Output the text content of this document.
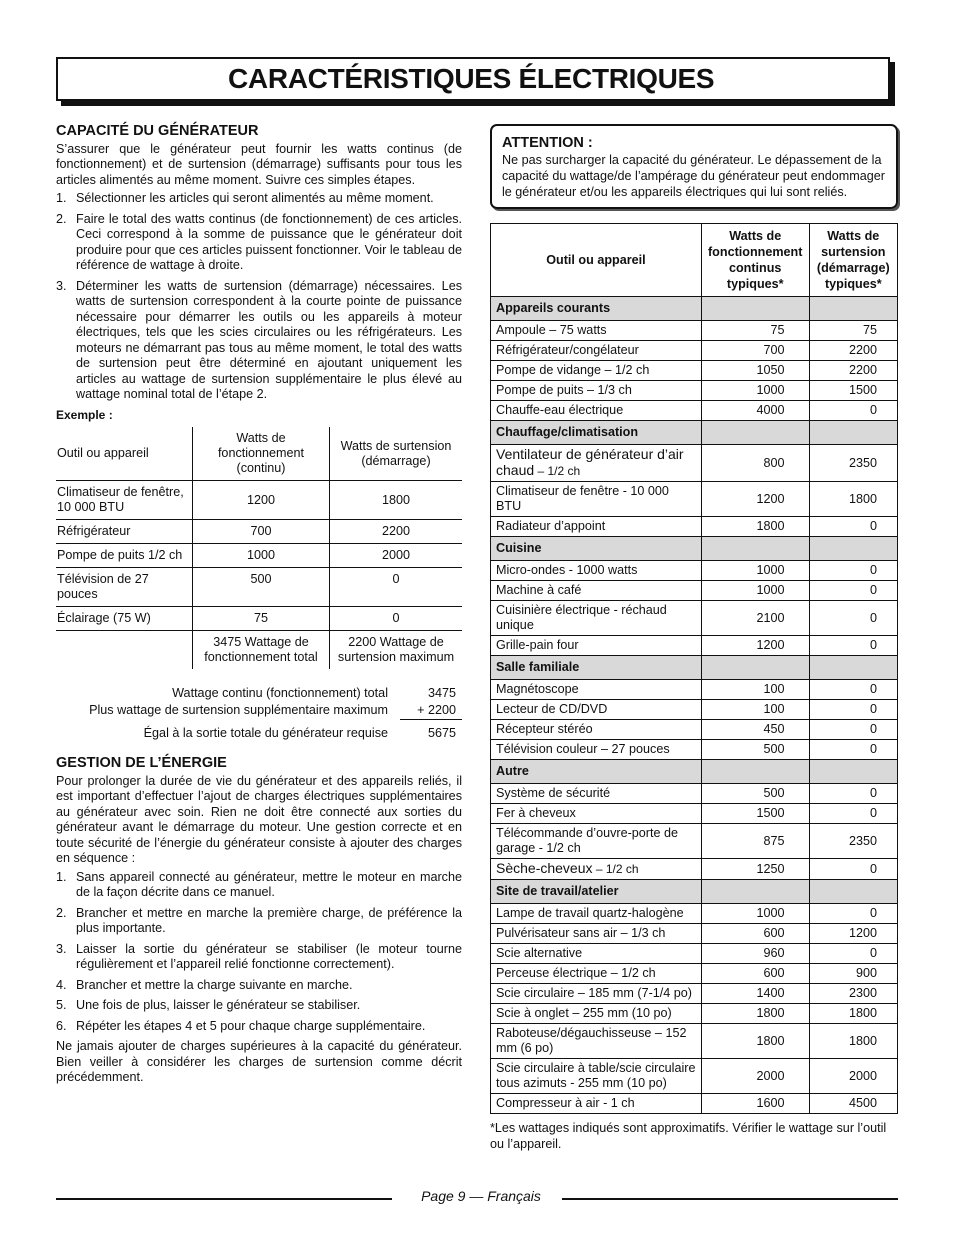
CARACTÉRISTIQUES ÉLECTRIQUES
CAPACITÉ DU GÉNÉRATEUR

S’assurer que le générateur peut fournir les watts continus (de fonctionnement) et de surtension (démarrage) suffisants pour tous les articles alimentés au même moment. Suivre ces simples étapes.

1. Sélectionner les articles qui seront alimentés au même moment.
2. Faire le total des watts continus (de fonctionnement) de ces articles. Ceci correspond à la somme de puissance que le générateur doit produire pour que ces articles puissent fonctionner. Voir le tableau de référence de wattage à droite.
3. Déterminer les watts de surtension (démarrage) nécessaires. Les watts de surtension correspondent à la courte pointe de puissance nécessaire pour démarrer les outils ou les appareils à moteur électriques, tels que les scies circulaires ou les réfrigérateurs. Les moteurs ne démarrant pas tous au même moment, le total des watts de surtension peut être déterminé en ajoutant uniquement les articles au wattage de surtension supplémentaire le plus élevé au wattage nominal total de l’étape 2.
Exemple :
Outil ou appareil	Watts de fonctionnement (continu)	Watts de surtension (démarrage)
Climatiseur de fenêtre, 10 000 BTU	1200	1800
Réfrigérateur	700	2200
Pompe de puits 1/2 ch	1000	2000
Télévision de 27 pouces	500	0
Éclairage (75 W)	75	0
	3475 Wattage de fonctionnement total	2200 Wattage de surtension maximum
Wattage continu (fonctionnement) total	3475
Plus wattage de surtension supplémentaire maximum	+ 2200
Égal à la sortie totale du générateur requise	5675
GESTION DE L’ÉNERGIE

Pour prolonger la durée de vie du générateur et des appareils reliés, il est important d’effectuer l’ajout de charges électriques supplémentaires au générateur avec soin. Rien ne doit être connecté aux sorties du générateur avant le démarrage du moteur. Une gestion correcte et en toute sécurité de l’énergie du générateur consiste à ajouter des charges en séquence :

1. Sans appareil connecté au générateur, mettre le moteur en marche de la façon décrite dans ce manuel.
2. Brancher et mettre en marche la première charge, de préférence la plus importante.
3. Laisser la sortie du générateur se stabiliser (le moteur tourne régulièrement et l’appareil relié fonctionne correctement).
4. Brancher et mettre la charge suivante en marche.
5. Une fois de plus, laisser le générateur se stabiliser.
6. Répéter les étapes 4 et 5 pour chaque charge supplémentaire.

Ne jamais ajouter de charges supérieures à la capacité du générateur. Bien veiller à considérer les charges de surtension comme décrit précédemment.

ATTENTION :

Ne pas surcharger la capacité du générateur. Le dépassement de la capacité du wattage/de l’ampérage du générateur peut endommager le générateur et/ou les appareils électriques qui lui sont reliés.

Outil ou appareil	Watts de fonctionnement continus typiques*	Watts de surtension (démarrage) typiques*
Appareils courants		
Ampoule – 75 watts	75	75
Réfrigérateur/congélateur	700	2200
Pompe de vidange – 1/2 ch	1050	2200
Pompe de puits – 1/3 ch	1000	1500
Chauffe-eau électrique	4000	0
Chauffage/climatisation		
Ventilateur de générateur d’air chaud – 1/2 ch	800	2350
Climatiseur de fenêtre - 10 000 BTU	1200	1800
Radiateur d’appoint	1800	0
Cuisine		
Micro-ondes - 1000 watts	1000	0
Machine à café	1000	0
Cuisinière électrique - réchaud unique	2100	0
Grille-pain four	1200	0
Salle familiale		
Magnétoscope	100	0
Lecteur de CD/DVD	100	0
Récepteur stéréo	450	0
Télévision couleur – 27 pouces	500	0
Autre		
Système de sécurité	500	0
Fer à cheveux	1500	0
Télécommande d’ouvre-porte de garage - 1/2 ch	875	2350
Sèche-cheveux – 1/2 ch	1250	0
Site de travail/atelier		
Lampe de travail quartz-halogène	1000	0
Pulvérisateur sans air – 1/3 ch	600	1200
Scie alternative	960	0
Perceuse électrique – 1/2 ch	600	900
Scie circulaire – 185 mm (7-1/4 po)	1400	2300
Scie à onglet – 255 mm (10 po)	1800	1800
Raboteuse/dégauchisseuse – 152 mm (6 po)	1800	1800
Scie circulaire à table/scie circulaire tous azimuts - 255 mm (10 po)	2000	2000
Compresseur à air - 1 ch	1600	4500
*Les wattages indiqués sont approximatifs. Vérifier le wattage sur l’outil ou l’appareil.
Page 9 — Français
